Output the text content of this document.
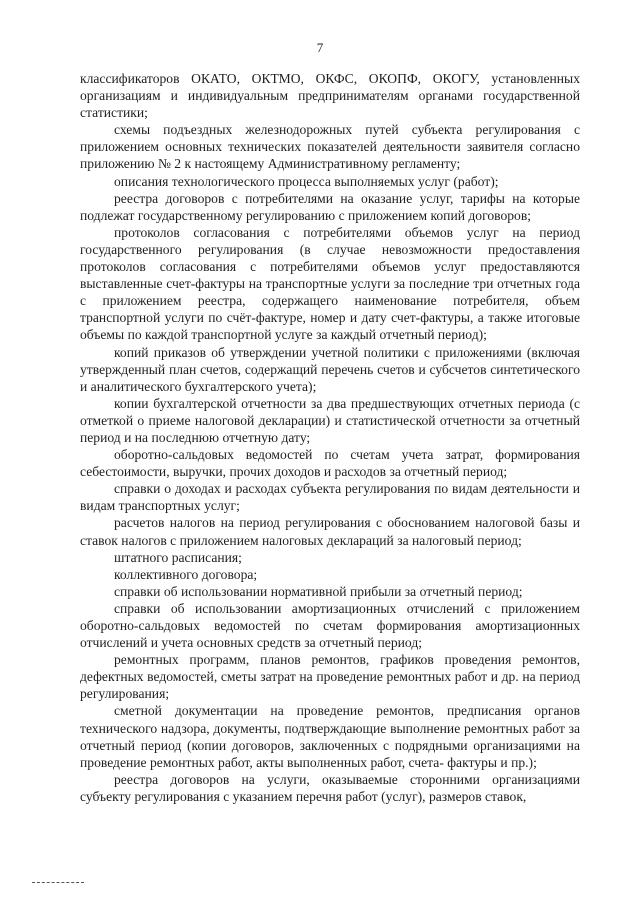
7

классификаторов ОКАТО, ОКТМО, ОКФС, ОКОПФ, ОКОГУ, установленных организациям и индивидуальным предпринимателям органами государственной статистики;

схемы подъездных железнодорожных путей субъекта регулирования с приложением основных технических показателей деятельности заявителя согласно приложению № 2 к настоящему Административному регламенту;

описания технологического процесса выполняемых услуг (работ);

реестра договоров с потребителями на оказание услуг, тарифы на которые подлежат государственному регулированию с приложением копий договоров;

протоколов согласования с потребителями объемов услуг на период государственного регулирования (в случае невозможности предоставления протоколов согласования с потребителями объемов услуг предоставляются выставленные счет-фактуры на транспортные услуги за последние три отчетных года с приложением реестра, содержащего наименование потребителя, объем транспортной услуги по счёт-фактуре, номер и дату счет-фактуры, а также итоговые объемы по каждой транспортной услуге за каждый отчетный период);

копий приказов об утверждении учетной политики с приложениями (включая утвержденный план счетов, содержащий перечень счетов и субсчетов синтетического и аналитического бухгалтерского учета);

копии бухгалтерской отчетности за два предшествующих отчетных периода (с отметкой о приеме налоговой декларации) и статистической отчетности за отчетный период и на последнюю отчетную дату;

оборотно-сальдовых ведомостей по счетам учета затрат, формирования себестоимости, выручки, прочих доходов и расходов за отчетный период;

справки о доходах и расходах субъекта регулирования по видам деятельности и видам транспортных услуг;

расчетов налогов на период регулирования с обоснованием налоговой базы и ставок налогов с приложением налоговых деклараций за налоговый период;

штатного расписания;

коллективного договора;

справки об использовании нормативной прибыли за отчетный период;

справки об использовании амортизационных отчислений с приложением оборотно-сальдовых ведомостей по счетам формирования амортизационных отчислений и учета основных средств за отчетный период;

ремонтных программ, планов ремонтов, графиков проведения ремонтов, дефектных ведомостей, сметы затрат на проведение ремонтных работ и др. на период регулирования;

сметной документации на проведение ремонтов, предписания органов технического надзора, документы, подтверждающие выполнение ремонтных работ за отчетный период (копии договоров, заключенных с подрядными организациями на проведение ремонтных работ, акты выполненных работ, счета- фактуры и пр.);

реестра договоров на услуги, оказываемые сторонними организациями субъекту регулирования с указанием перечня работ (услуг), размеров ставок,
